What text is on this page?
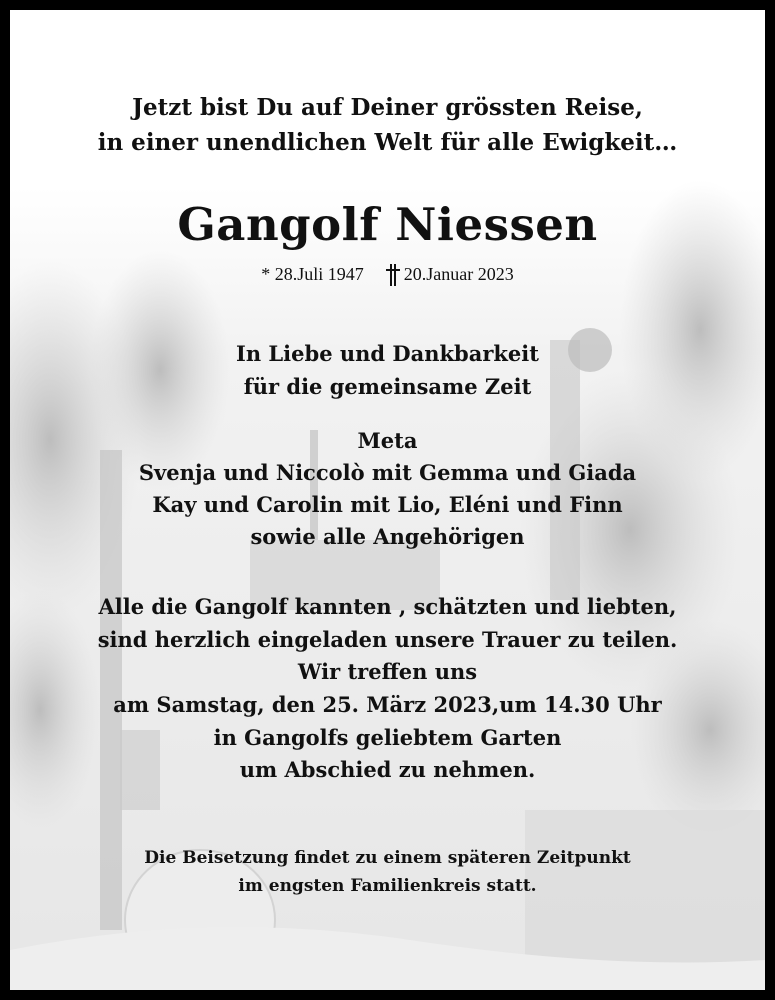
Jetzt bist Du auf Deiner grössten Reise,
in einer unendlichen Welt für alle Ewigkeit…
Gangolf Niessen
* 28.Juli 1947 20.Januar 2023
In Liebe und Dankbarkeit
für die gemeinsame Zeit
Meta
Svenja und Niccolò mit Gemma und Giada
Kay und Carolin mit Lio, Eléni und Finn
sowie alle Angehörigen
Alle die Gangolf kannten , schätzten und liebten,
sind herzlich eingeladen unsere Trauer zu teilen.
Wir treffen uns
am Samstag, den 25. März 2023,um 14.30 Uhr
in Gangolfs geliebtem Garten
um Abschied zu nehmen.
Die Beisetzung findet zu einem späteren Zeitpunkt
im engsten Familienkreis statt.
